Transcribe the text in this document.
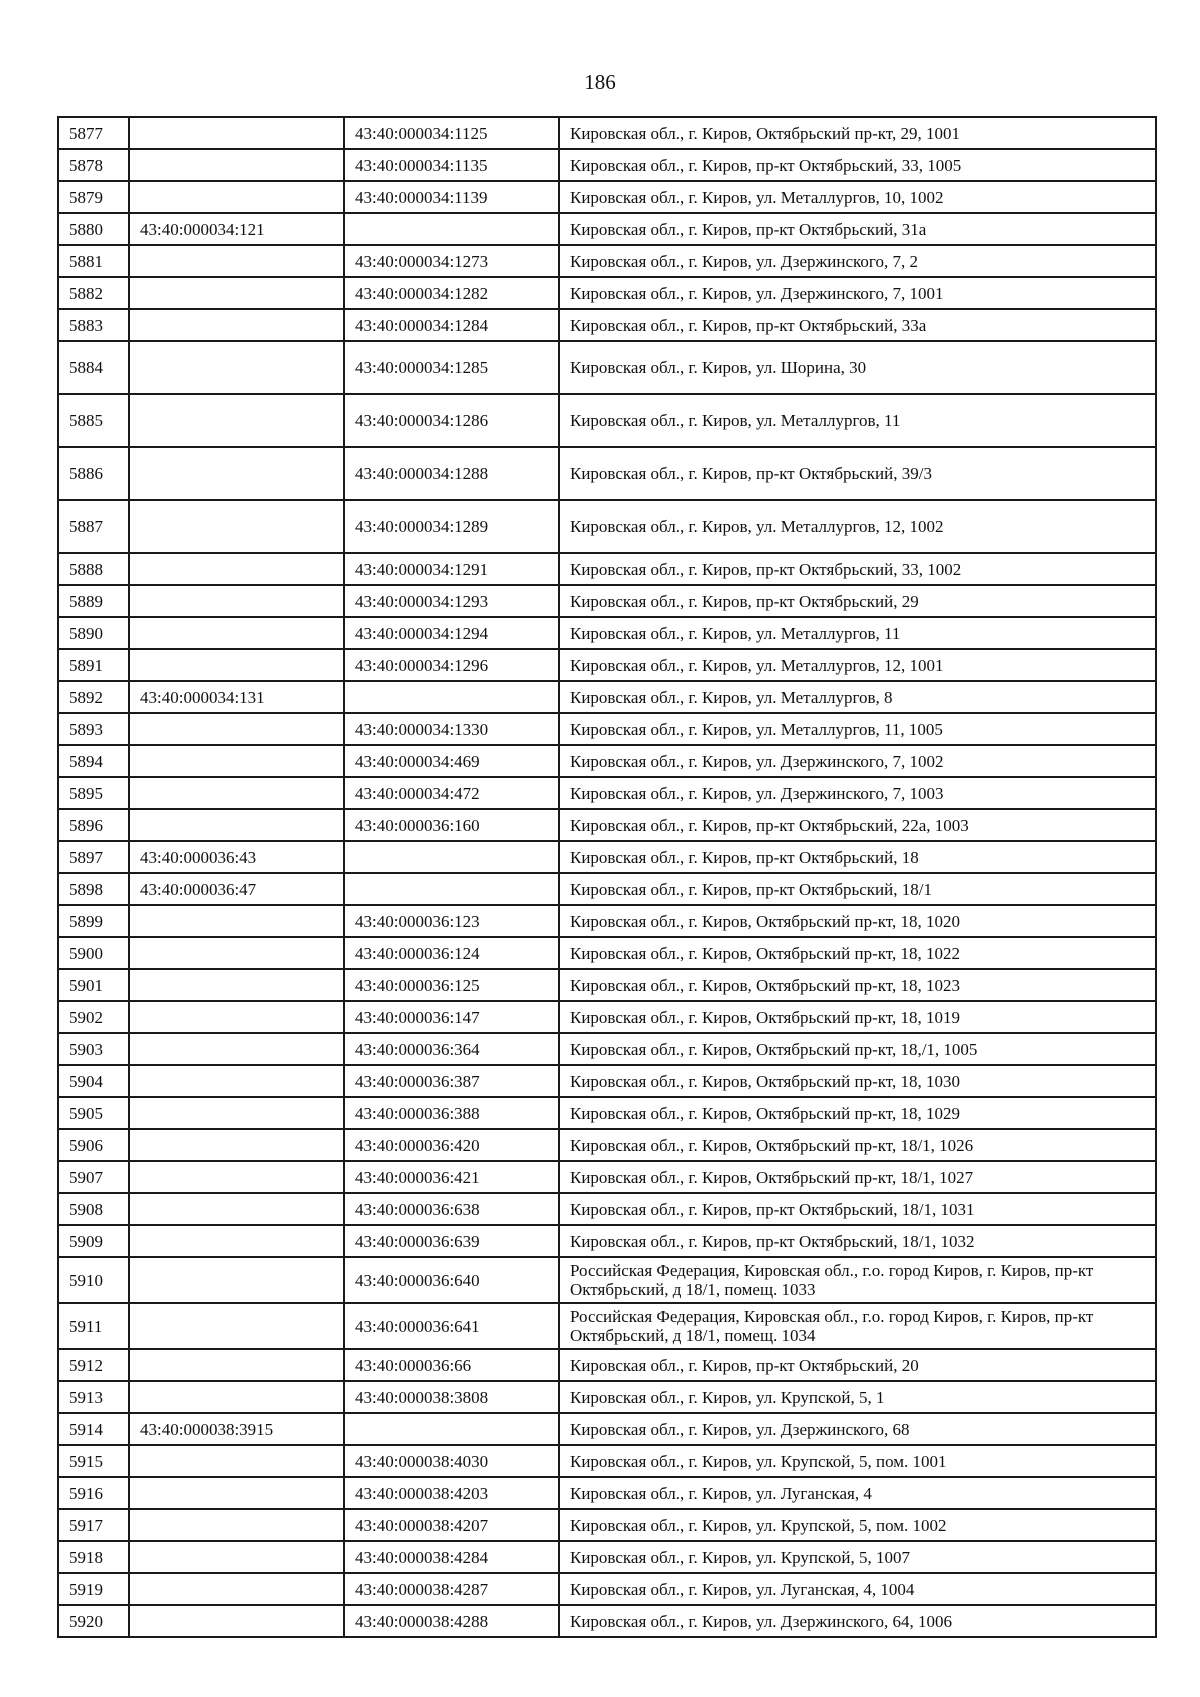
186
5877		43:40:000034:1125	Кировская обл., г. Киров, Октябрьский пр-кт, 29, 1001
5878		43:40:000034:1135	Кировская обл., г. Киров, пр-кт Октябрьский, 33, 1005
5879		43:40:000034:1139	Кировская обл., г. Киров, ул. Металлургов, 10, 1002
5880	43:40:000034:121		Кировская обл., г. Киров, пр-кт Октябрьский, 31а
5881		43:40:000034:1273	Кировская обл., г. Киров, ул. Дзержинского, 7, 2
5882		43:40:000034:1282	Кировская обл., г. Киров, ул. Дзержинского, 7, 1001
5883		43:40:000034:1284	Кировская обл., г. Киров, пр-кт Октябрьский, 33а
5884		43:40:000034:1285	Кировская обл., г. Киров, ул. Шорина, 30
5885		43:40:000034:1286	Кировская обл., г. Киров, ул. Металлургов, 11
5886		43:40:000034:1288	Кировская обл., г. Киров, пр-кт Октябрьский, 39/3
5887		43:40:000034:1289	Кировская обл., г. Киров, ул. Металлургов, 12, 1002
5888		43:40:000034:1291	Кировская обл., г. Киров, пр-кт Октябрьский, 33, 1002
5889		43:40:000034:1293	Кировская обл., г. Киров, пр-кт Октябрьский, 29
5890		43:40:000034:1294	Кировская обл., г. Киров, ул. Металлургов, 11
5891		43:40:000034:1296	Кировская обл., г. Киров, ул. Металлургов, 12, 1001
5892	43:40:000034:131		Кировская обл., г. Киров, ул. Металлургов, 8
5893		43:40:000034:1330	Кировская обл., г. Киров, ул. Металлургов, 11, 1005
5894		43:40:000034:469	Кировская обл., г. Киров, ул. Дзержинского, 7, 1002
5895		43:40:000034:472	Кировская обл., г. Киров, ул. Дзержинского, 7, 1003
5896		43:40:000036:160	Кировская обл., г. Киров, пр-кт Октябрьский, 22а, 1003
5897	43:40:000036:43		Кировская обл., г. Киров, пр-кт Октябрьский, 18
5898	43:40:000036:47		Кировская обл., г. Киров, пр-кт Октябрьский, 18/1
5899		43:40:000036:123	Кировская обл., г. Киров, Октябрьский пр-кт, 18, 1020
5900		43:40:000036:124	Кировская обл., г. Киров, Октябрьский пр-кт, 18, 1022
5901		43:40:000036:125	Кировская обл., г. Киров, Октябрьский пр-кт, 18, 1023
5902		43:40:000036:147	Кировская обл., г. Киров, Октябрьский пр-кт, 18, 1019
5903		43:40:000036:364	Кировская обл., г. Киров, Октябрьский пр-кт, 18,/1, 1005
5904		43:40:000036:387	Кировская обл., г. Киров, Октябрьский пр-кт, 18, 1030
5905		43:40:000036:388	Кировская обл., г. Киров, Октябрьский пр-кт, 18, 1029
5906		43:40:000036:420	Кировская обл., г. Киров, Октябрьский пр-кт, 18/1, 1026
5907		43:40:000036:421	Кировская обл., г. Киров, Октябрьский пр-кт, 18/1, 1027
5908		43:40:000036:638	Кировская обл., г. Киров, пр-кт Октябрьский, 18/1, 1031
5909		43:40:000036:639	Кировская обл., г. Киров, пр-кт Октябрьский, 18/1, 1032
5910		43:40:000036:640	Российская Федерация, Кировская обл., г.о. город Киров, г. Киров, пр-кт Октябрьский, д 18/1, помещ. 1033
5911		43:40:000036:641	Российская Федерация, Кировская обл., г.о. город Киров, г. Киров, пр-кт Октябрьский, д 18/1, помещ. 1034
5912		43:40:000036:66	Кировская обл., г. Киров, пр-кт Октябрьский, 20
5913		43:40:000038:3808	Кировская обл., г. Киров, ул. Крупской, 5, 1
5914	43:40:000038:3915		Кировская обл., г. Киров, ул. Дзержинского, 68
5915		43:40:000038:4030	Кировская обл., г. Киров, ул. Крупской, 5, пом. 1001
5916		43:40:000038:4203	Кировская обл., г. Киров, ул. Луганская, 4
5917		43:40:000038:4207	Кировская обл., г. Киров, ул. Крупской, 5, пом. 1002
5918		43:40:000038:4284	Кировская обл., г. Киров, ул. Крупской, 5, 1007
5919		43:40:000038:4287	Кировская обл., г. Киров, ул. Луганская, 4, 1004
5920		43:40:000038:4288	Кировская обл., г. Киров, ул. Дзержинского, 64, 1006
